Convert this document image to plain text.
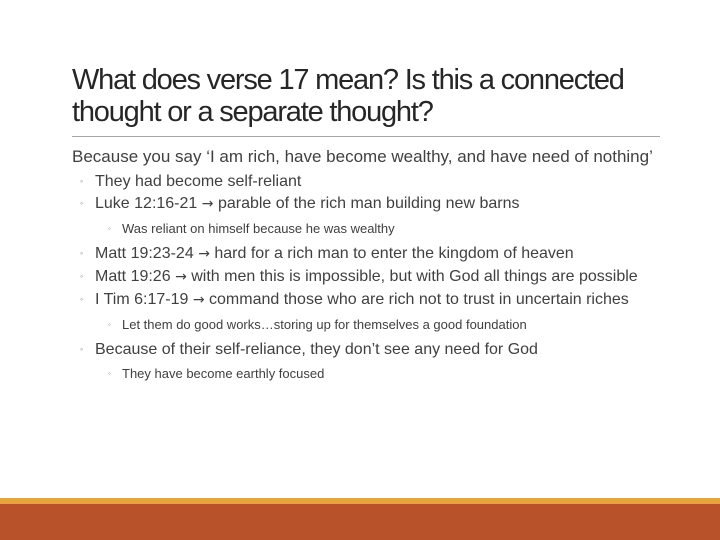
What does verse 17 mean? Is this a connected thought or a separate thought?

Because you say ‘I am rich, have become wealthy, and have need of nothing’

◦ They had become self-reliant
◦ Luke 12:16-21 → parable of the rich man building new barns
◦ Was reliant on himself because he was wealthy
◦ Matt 19:23-24 → hard for a rich man to enter the kingdom of heaven
◦ Matt 19:26 → with men this is impossible, but with God all things are possible
◦ I Tim 6:17-19 → command those who are rich not to trust in uncertain riches
◦ Let them do good works…storing up for themselves a good foundation
◦ Because of their self-reliance, they don’t see any need for God
◦ They have become earthly focused
